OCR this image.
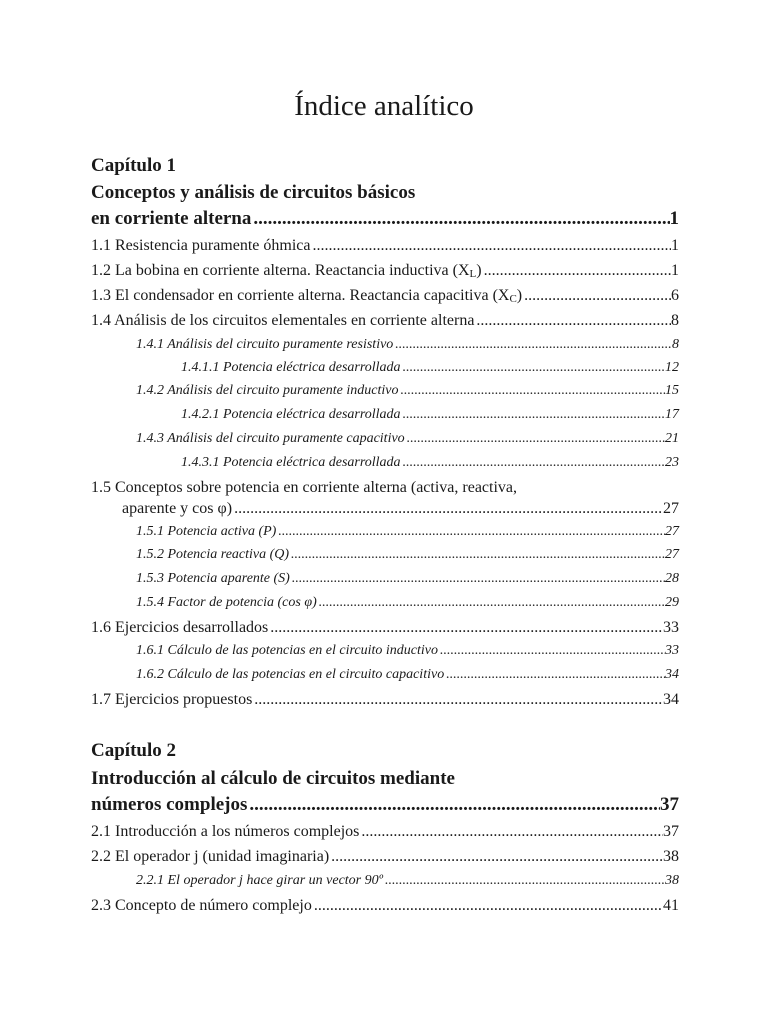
Índice analítico
Capítulo 1
Conceptos y análisis de circuitos básicos
en corriente alterna .....	1
1.1 Resistencia puramente óhmica .....	1
1.2 La bobina en corriente alterna. Reactancia inductiva $(X_L)$ .....	1
1.3 El condensador en corriente alterna. Reactancia capacitiva $(X_C)$ .....	6
1.4 Análisis de los circuitos elementales en corriente alterna .....	8
1.4.1 Análisis del circuito puramente resistivo .....	8
1.4.1.1 Potencia eléctrica desarrollada .....	12
1.4.2 Análisis del circuito puramente inductivo .....	15
1.4.2.1 Potencia eléctrica desarrollada .....	17
1.4.3 Análisis del circuito puramente capacitivo .....	21
1.4.3.1 Potencia eléctrica desarrollada .....	23
1.5 Conceptos sobre potencia en corriente alterna (activa, reactiva,
aparente y cos φ) .....	27
1.5.1 Potencia activa (P) .....	27
1.5.2 Potencia reactiva (Q) .....	27
1.5.3 Potencia aparente (S) .....	28
1.5.4 Factor de potencia (cos φ) .....	29
1.6 Ejercicios desarrollados .....	33
1.6.1 Cálculo de las potencias en el circuito inductivo .....	33
1.6.2 Cálculo de las potencias en el circuito capacitivo .....	34
1.7 Ejercicios propuestos .....	34
Capítulo 2
Introducción al cálculo de circuitos mediante
números complejos .....	37
2.1 Introducción a los números complejos .....	37
2.2 El operador j (unidad imaginaria) .....	38
2.2.1 El operador j hace girar un vector 90º .....	38
2.3 Concepto de número complejo .....	41
